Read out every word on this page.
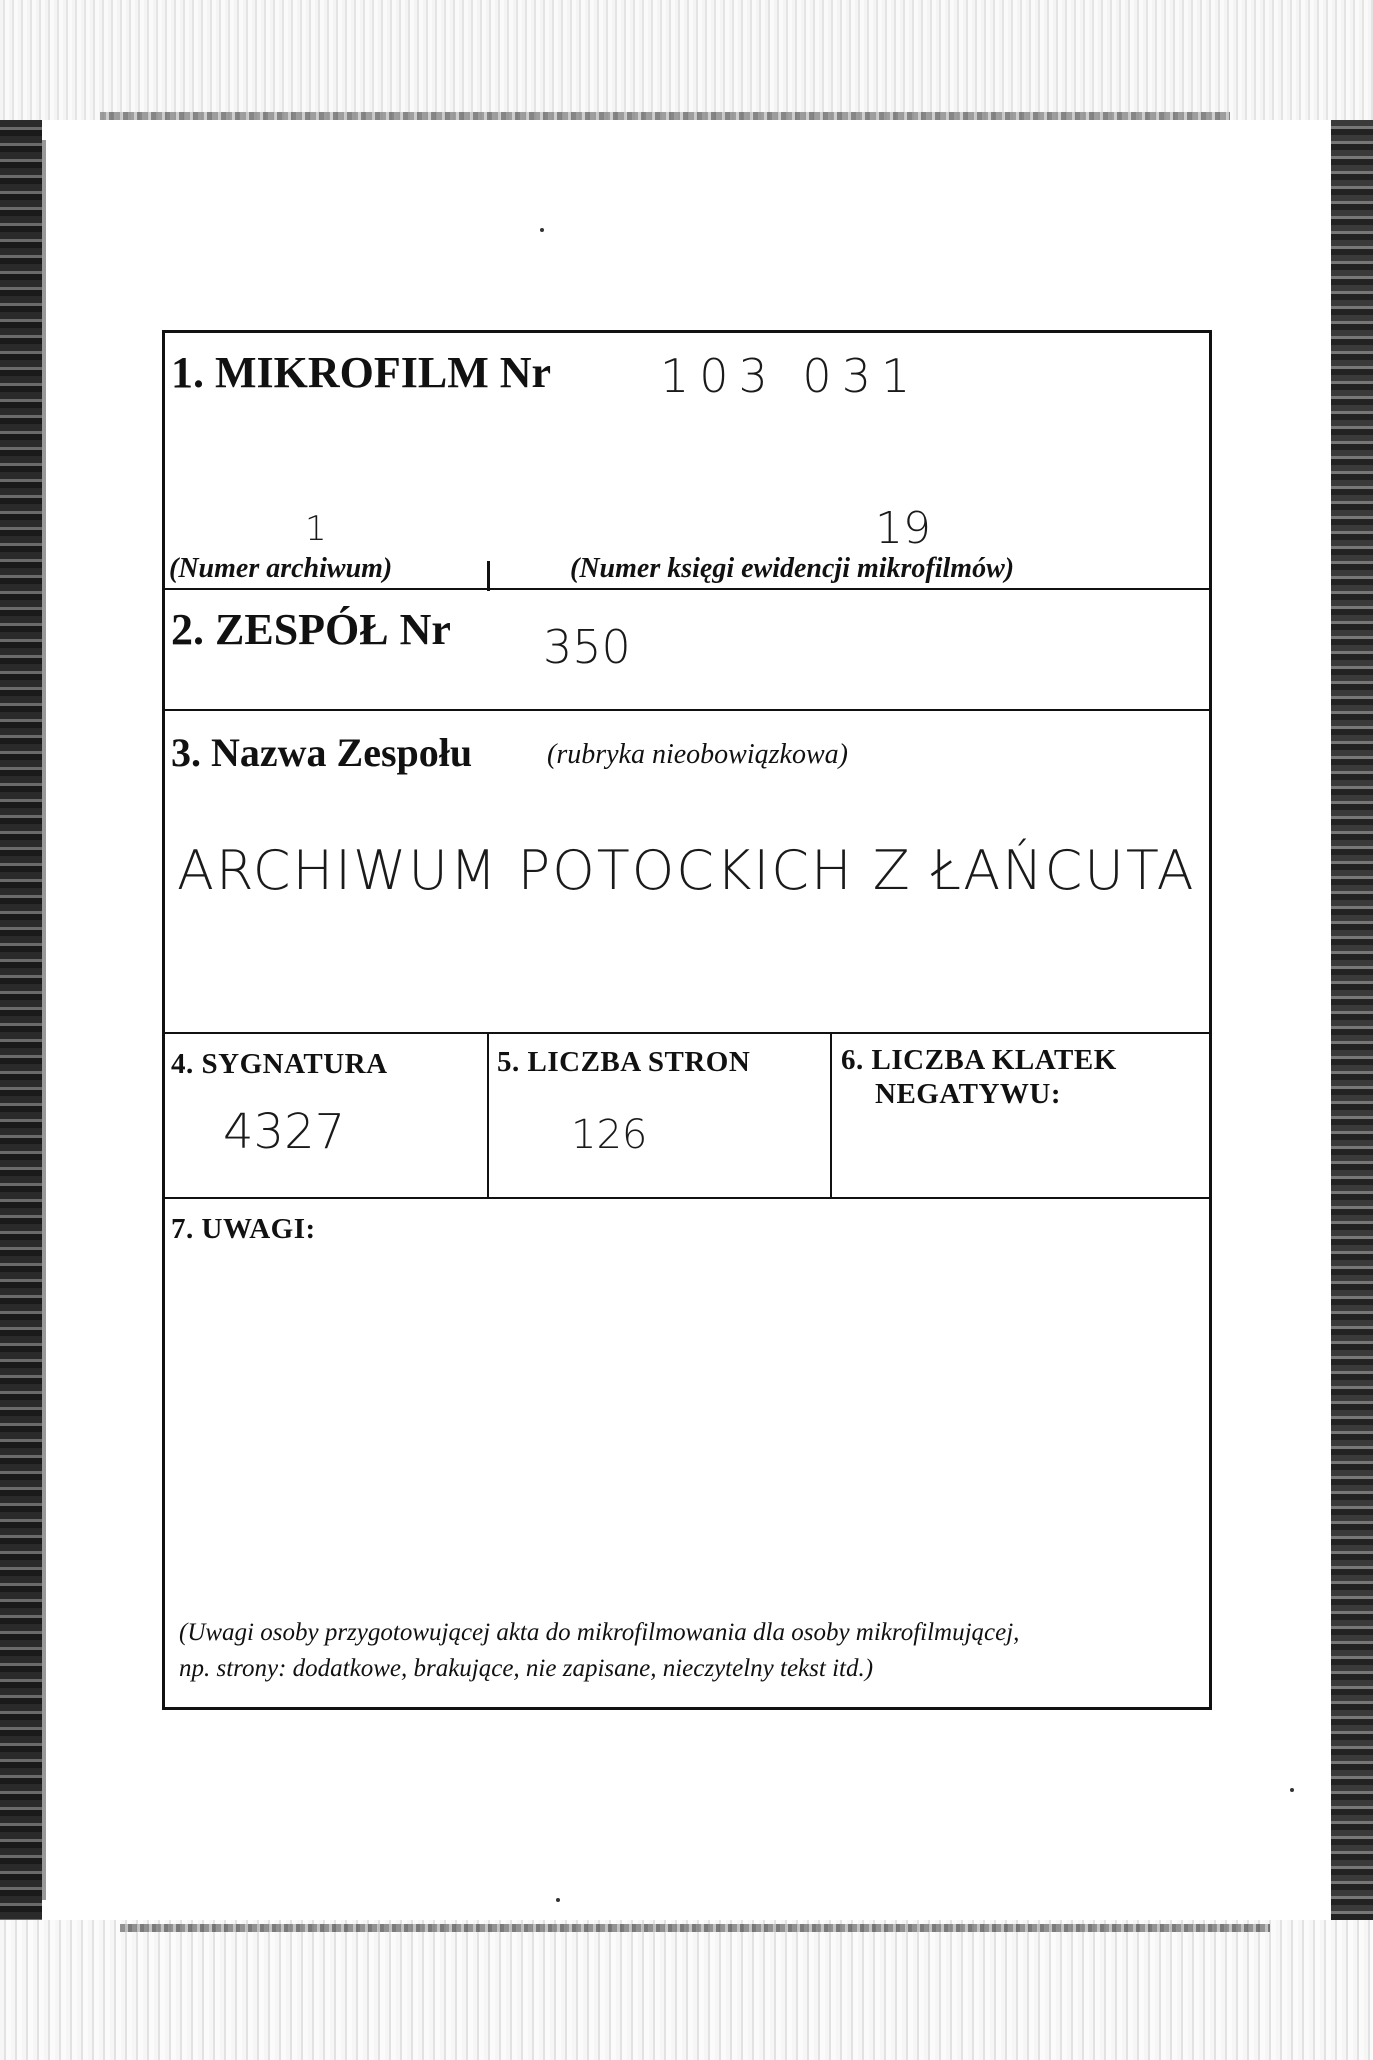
1. MIKROFILM Nr 103 031
1	19
(Numer archiwum)	(Numer księgi ewidencji mikrofilmów)
2. ZESPÓŁ Nr 350
3. Nazwa Zespołu	(rubryka nieobowiązkowa)
ARCHIWUM POTOCKICH Z ŁAŃCUTA
4. SYGNATURA
4327
5. LICZBA STRON
126
6. LICZBA KLATEK
NEGATYWU:
7. UWAGI:
(Uwagi osoby przygotowującej akta do mikrofilmowania dla osoby mikrofilmującej,
np. strony: dodatkowe, brakujące, nie zapisane, nieczytelny tekst itd.)
